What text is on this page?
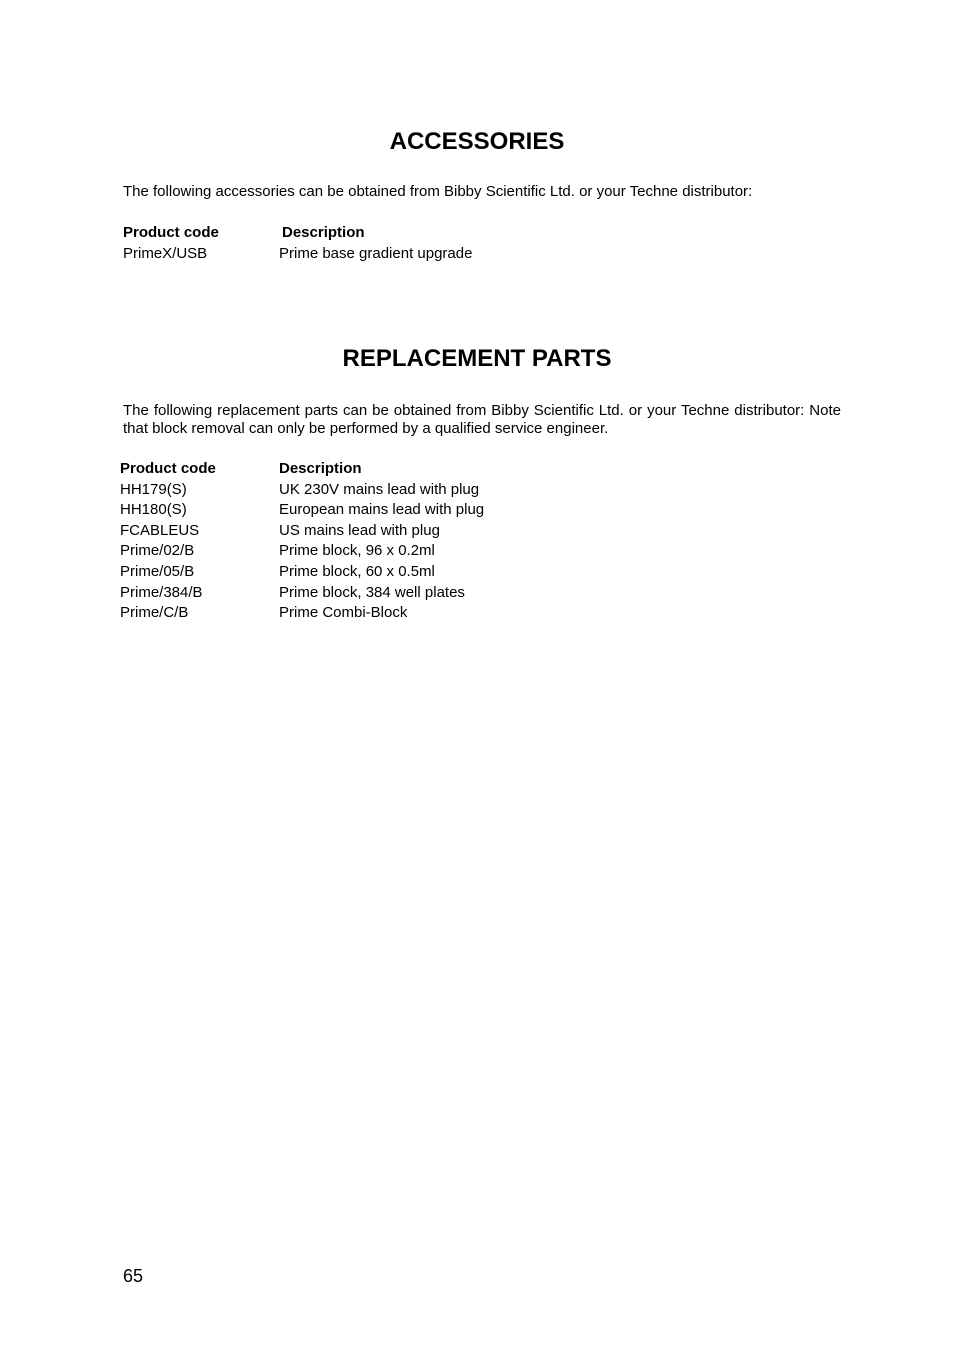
ACCESSORIES

The following accessories can be obtained from Bibby Scientific Ltd. or your Techne distributor:

Product code	Description
PrimeX/USB	Prime base gradient upgrade
REPLACEMENT PARTS

The following replacement parts can be obtained from Bibby Scientific Ltd. or your Techne distributor: Note that block removal can only be performed by a qualified service engineer.

Product code	Description
HH179(S)	UK 230V mains lead with plug
HH180(S)	European mains lead with plug
FCABLEUS	US mains lead with plug
Prime/02/B	Prime block, 96 x 0.2ml
Prime/05/B	Prime block, 60 x 0.5ml
Prime/384/B	Prime block, 384 well plates
Prime/C/B	Prime Combi-Block
65
